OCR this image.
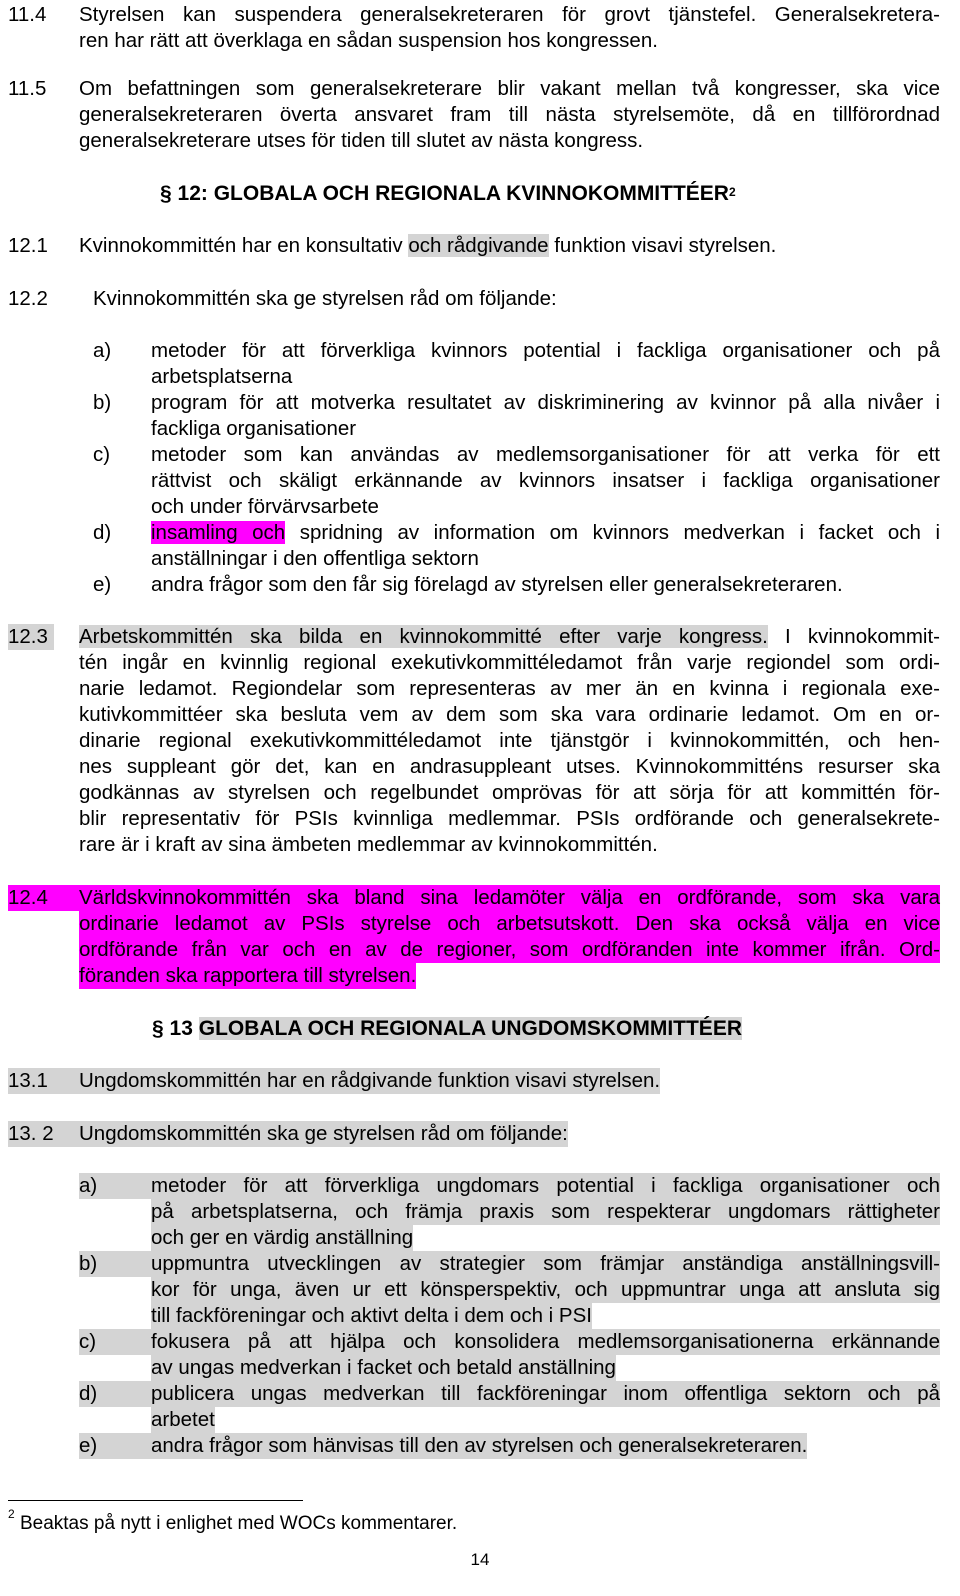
11.4 Styrelsen kan suspendera generalsekreteraren för grovt tjänstefel. Generalsekretera-
ren har rätt att överklaga en sådan suspension hos kongressen.
11.5 Om befattningen som generalsekreterare blir vakant mellan två kongresser, ska vice
generalsekreteraren överta ansvaret fram till nästa styrelsemöte, då en tillförordnad
generalsekreterare utses för tiden till slutet av nästa kongress.
§ 12: GLOBALA OCH REGIONALA KVINNOKOMMITTÉER$^2$
12.1 Kvinnokommittén har en konsultativ och rådgivande funktion visavi styrelsen.
12.2 Kvinnokommittén ska ge styrelsen råd om följande:
a) metoder för att förverkliga kvinnors potential i fackliga organisationer och på
arbetsplatserna
b) program för att motverka resultatet av diskriminering av kvinnor på alla nivåer i
fackliga organisationer
c) metoder som kan användas av medlemsorganisationer för att verka för ett
rättvist och skäligt erkännande av kvinnors insatser i fackliga organisationer
och under förvärvsarbete
d) insamling och spridning av information om kvinnors medverkan i facket och i
anställningar i den offentliga sektorn
e) andra frågor som den får sig förelagd av styrelsen eller generalsekreteraren.
12.3 Arbetskommittén ska bilda en kvinnokommitté efter varje kongress. I kvinnokommit-
tén ingår en kvinnlig regional exekutivkommittéledamot från varje regiondel som ordi-
narie ledamot. Regiondelar som representeras av mer än en kvinna i regionala exe-
kutivkommittéer ska besluta vem av dem som ska vara ordinarie ledamot. Om en or-
dinarie regional exekutivkommittéledamot inte tjänstgör i kvinnokommittén, och hen-
nes suppleant gör det, kan en andrasuppleant utses. Kvinnokommitténs resurser ska
godkännas av styrelsen och regelbundet omprövas för att sörja för att kommittén för-
blir representativ för PSIs kvinnliga medlemmar. PSIs ordförande och generalsekrete-
rare är i kraft av sina ämbeten medlemmar av kvinnokommittén.
12.4	Världskvinnokommittén ska bland sina ledamöter välja en ordförande, som ska vara
ordinarie ledamot av PSIs styrelse och arbetsutskott. Den ska också välja en vice
ordförande från var och en av de regioner, som ordföranden inte kommer ifrån. Ord-
föranden ska rapportera till styrelsen.
§ 13 GLOBALA OCH REGIONALA UNGDOMSKOMMITTÉER
13.1	Ungdomskommittén har en rådgivande funktion visavi styrelsen.
13. 2	Ungdomskommittén ska ge styrelsen råd om följande:
a)	metoder för att förverkliga ungdomars potential i fackliga organisationer och
på arbetsplatserna, och främja praxis som respekterar ungdomars rättigheter
och ger en värdig anställning
b)	uppmuntra utvecklingen av strategier som främjar anständiga anställningsvill-
kor för unga, även ur ett könsperspektiv, och uppmuntrar unga att ansluta sig
till fackföreningar och aktivt delta i dem och i PSI
c)	fokusera på att hjälpa och konsolidera medlemsorganisationerna erkännande
av ungas medverkan i facket och betald anställning
d)	publicera ungas medverkan till fackföreningar inom offentliga sektorn och på
arbetet
e)	andra frågor som hänvisas till den av styrelsen och generalsekreteraren.
$^2$ Beaktas på nytt i enlighet med WOCs kommentarer.
14
